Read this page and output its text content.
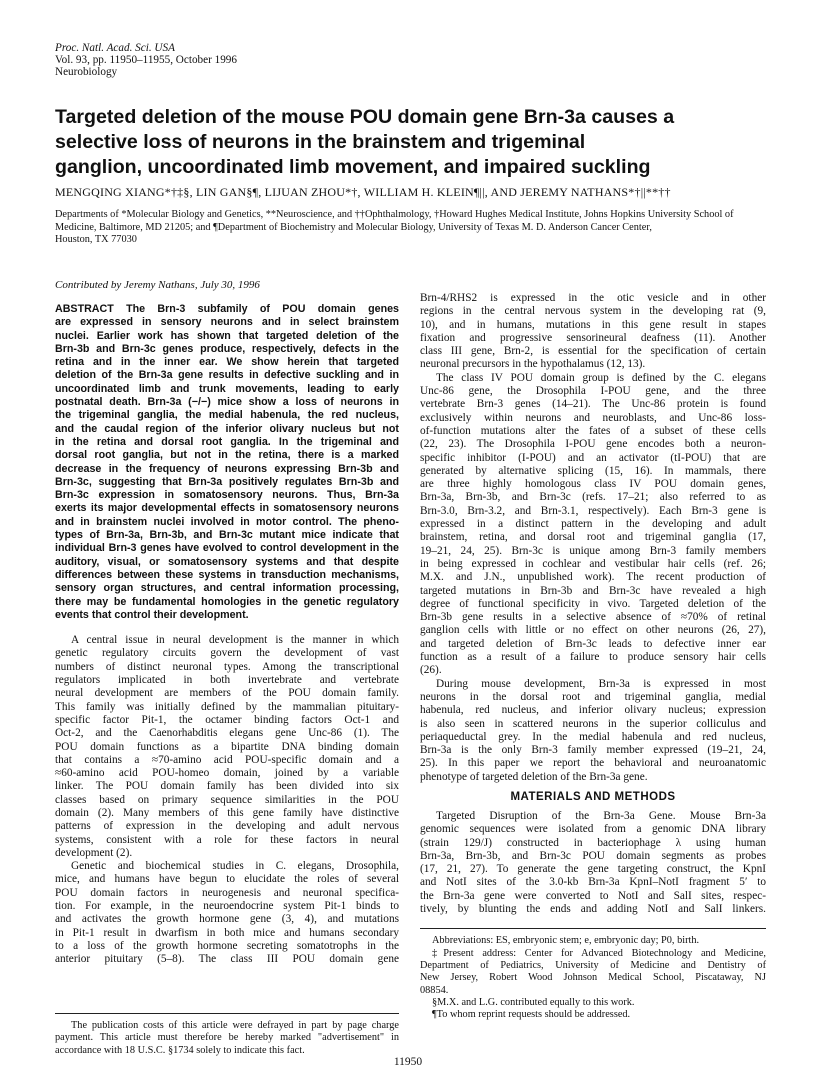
Proc. Natl. Acad. Sci. USA
Vol. 93, pp. 11950–11955, October 1996
Neurobiology
Targeted deletion of the mouse POU domain gene Brn-3a causes a
selective loss of neurons in the brainstem and trigeminal
ganglion, uncoordinated limb movement, and impaired suckling
MENGQING XIANG*†‡§, LIN GAN§¶, LIJUAN ZHOU*†, WILLIAM H. KLEIN¶||, AND JEREMY NATHANS*†||**††
Departments of *Molecular Biology and Genetics, **Neuroscience, and ††Ophthalmology, †Howard Hughes Medical Institute, Johns Hopkins University School of
Medicine, Baltimore, MD 21205; and ¶Department of Biochemistry and Molecular Biology, University of Texas M. D. Anderson Cancer Center,
Houston, TX 77030
Contributed by Jeremy Nathans, July 30, 1996
ABSTRACT The Brn-3 subfamily of POU domain genes
are expressed in sensory neurons and in select brainstem
nuclei. Earlier work has shown that targeted deletion of the
Brn-3b and Brn-3c genes produce, respectively, defects in the
retina and in the inner ear. We show herein that targeted
deletion of the Brn-3a gene results in defective suckling and in
uncoordinated limb and trunk movements, leading to early
postnatal death. Brn-3a (−/−) mice show a loss of neurons in
the trigeminal ganglia, the medial habenula, the red nucleus,
and the caudal region of the inferior olivary nucleus but not
in the retina and dorsal root ganglia. In the trigeminal and
dorsal root ganglia, but not in the retina, there is a marked
decrease in the frequency of neurons expressing Brn-3b and
Brn-3c, suggesting that Brn-3a positively regulates Brn-3b and
Brn-3c expression in somatosensory neurons. Thus, Brn-3a
exerts its major developmental effects in somatosensory neurons
and in brainstem nuclei involved in motor control. The pheno-
types of Brn-3a, Brn-3b, and Brn-3c mutant mice indicate that
individual Brn-3 genes have evolved to control development in the
auditory, visual, or somatosensory systems and that despite
differences between these systems in transduction mechanisms,
sensory organ structures, and central information processing,
there may be fundamental homologies in the genetic regulatory
events that control their development.
A central issue in neural development is the manner in which
genetic regulatory circuits govern the development of vast
numbers of distinct neuronal types. Among the transcriptional
regulators implicated in both invertebrate and vertebrate
neural development are members of the POU domain family.
This family was initially defined by the mammalian pituitary-
specific factor Pit-1, the octamer binding factors Oct-1 and
Oct-2, and the Caenorhabditis elegans gene Unc-86 (1). The
POU domain functions as a bipartite DNA binding domain
that contains a ≈70-amino acid POU-specific domain and a
≈60-amino acid POU-homeo domain, joined by a variable
linker. The POU domain family has been divided into six
classes based on primary sequence similarities in the POU
domain (2). Many members of this gene family have distinctive
patterns of expression in the developing and adult nervous
systems, consistent with a role for these factors in neural
development (2).
Genetic and biochemical studies in C. elegans, Drosophila,
mice, and humans have begun to elucidate the roles of several
POU domain factors in neurogenesis and neuronal specifica-
tion. For example, in the neuroendocrine system Pit-1 binds to
and activates the growth hormone gene (3, 4), and mutations
in Pit-1 result in dwarfism in both mice and humans secondary
to a loss of the growth hormone secreting somatotrophs in the
anterior pituitary (5–8). The class III POU domain gene
The publication costs of this article were defrayed in part by page charge
payment. This article must therefore be hereby marked "advertisement" in
accordance with 18 U.S.C. §1734 solely to indicate this fact.
Brn-4/RHS2 is expressed in the otic vesicle and in other
regions in the central nervous system in the developing rat (9,
10), and in humans, mutations in this gene result in stapes
fixation and progressive sensorineural deafness (11). Another
class III gene, Brn-2, is essential for the specification of certain
neuronal precursors in the hypothalamus (12, 13).
The class IV POU domain group is defined by the C. elegans
Unc-86 gene, the Drosophila I-POU gene, and the three
vertebrate Brn-3 genes (14–21). The Unc-86 protein is found
exclusively within neurons and neuroblasts, and Unc-86 loss-
of-function mutations alter the fates of a subset of these cells
(22, 23). The Drosophila I-POU gene encodes both a neuron-
specific inhibitor (I-POU) and an activator (tI-POU) that are
generated by alternative splicing (15, 16). In mammals, there
are three highly homologous class IV POU domain genes,
Brn-3a, Brn-3b, and Brn-3c (refs. 17–21; also referred to as
Brn-3.0, Brn-3.2, and Brn-3.1, respectively). Each Brn-3 gene is
expressed in a distinct pattern in the developing and adult
brainstem, retina, and dorsal root and trigeminal ganglia (17,
19–21, 24, 25). Brn-3c is unique among Brn-3 family members
in being expressed in cochlear and vestibular hair cells (ref. 26;
M.X. and J.N., unpublished work). The recent production of
targeted mutations in Brn-3b and Brn-3c have revealed a high
degree of functional specificity in vivo. Targeted deletion of the
Brn-3b gene results in a selective absence of ≈70% of retinal
ganglion cells with little or no effect on other neurons (26, 27),
and targeted deletion of Brn-3c leads to defective inner ear
function as a result of a failure to produce sensory hair cells
(26).
During mouse development, Brn-3a is expressed in most
neurons in the dorsal root and trigeminal ganglia, medial
habenula, red nucleus, and inferior olivary nucleus; expression
is also seen in scattered neurons in the superior colliculus and
periaqueductal grey. In the medial habenula and red nucleus,
Brn-3a is the only Brn-3 family member expressed (19–21, 24,
25). In this paper we report the behavioral and neuroanatomic
phenotype of targeted deletion of the Brn-3a gene.
MATERIALS AND METHODS
Targeted Disruption of the Brn-3a Gene. Mouse Brn-3a
genomic sequences were isolated from a genomic DNA library
(strain 129/J) constructed in bacteriophage λ using human
Brn-3a, Brn-3b, and Brn-3c POU domain segments as probes
(17, 21, 27). To generate the gene targeting construct, the KpnI
and NotI sites of the 3.0-kb Brn-3a KpnI–NotI fragment 5′ to
the Brn-3a gene were converted to NotI and SalI sites, respec-
tively, by blunting the ends and adding NotI and SalI linkers.
Abbreviations: ES, embryonic stem; e, embryonic day; P0, birth.
‡Present address: Center for Advanced Biotechnology and Medicine,
Department of Pediatrics, University of Medicine and Dentistry of
New Jersey, Robert Wood Johnson Medical School, Piscataway, NJ
08854.
§M.X. and L.G. contributed equally to this work.
¶To whom reprint requests should be addressed.
11950
